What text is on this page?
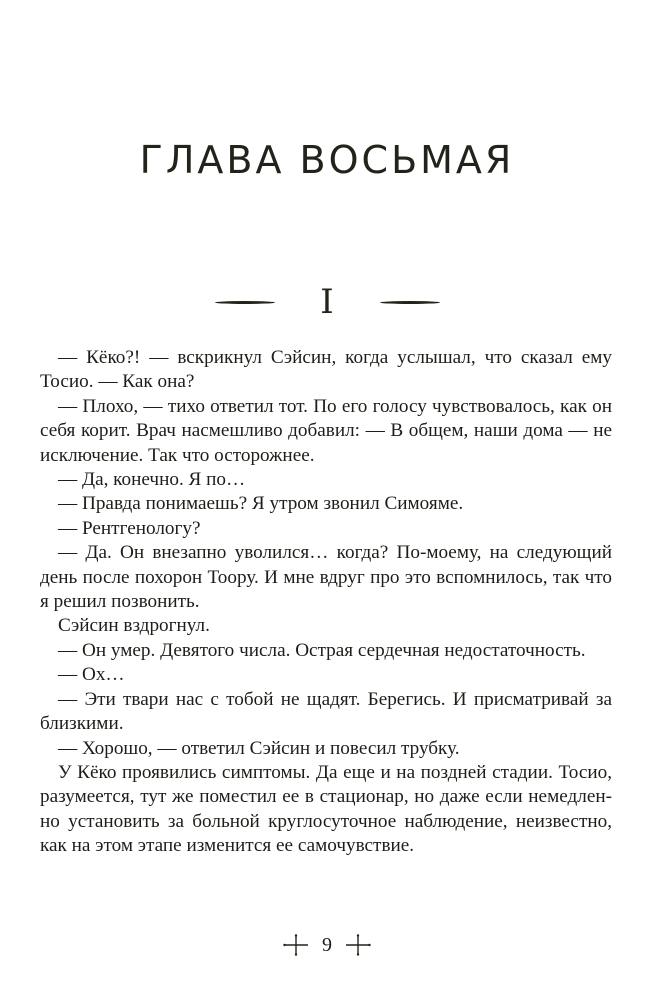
ГЛАВА ВОСЬМАЯ
I

— Кёко?! — вскрикнул Сэйсин, когда услышал, что сказал ему Тосио. — Как она?

— Плохо, — тихо ответил тот. По его голосу чувствовалось, как он себя корит. Врач насмешливо добавил: — В общем, наши дома — не исключение. Так что осторожнее.

— Да, конечно. Я по…

— Правда понимаешь? Я утром звонил Симояме.

— Рентгенологу?

— Да. Он внезапно уволился… когда? По-моему, на следующий день после похорон Тоору. И мне вдруг про это вспомнилось, так что я решил позвонить.

Сэйсин вздрогнул.

— Он умер. Девятого числа. Острая сердечная недостаточность.

— Ох…

— Эти твари нас с тобой не щадят. Берегись. И присматривай за близкими.

— Хорошо, — ответил Сэйсин и повесил трубку.

У Кёко проявились симптомы. Да еще и на поздней стадии. Тосио, разумеется, тут же поместил ее в стационар, но даже если немедленно установить за больной круглосуточное наблюдение, неизвестно, как на этом этапе изменится ее самочувствие.

9
